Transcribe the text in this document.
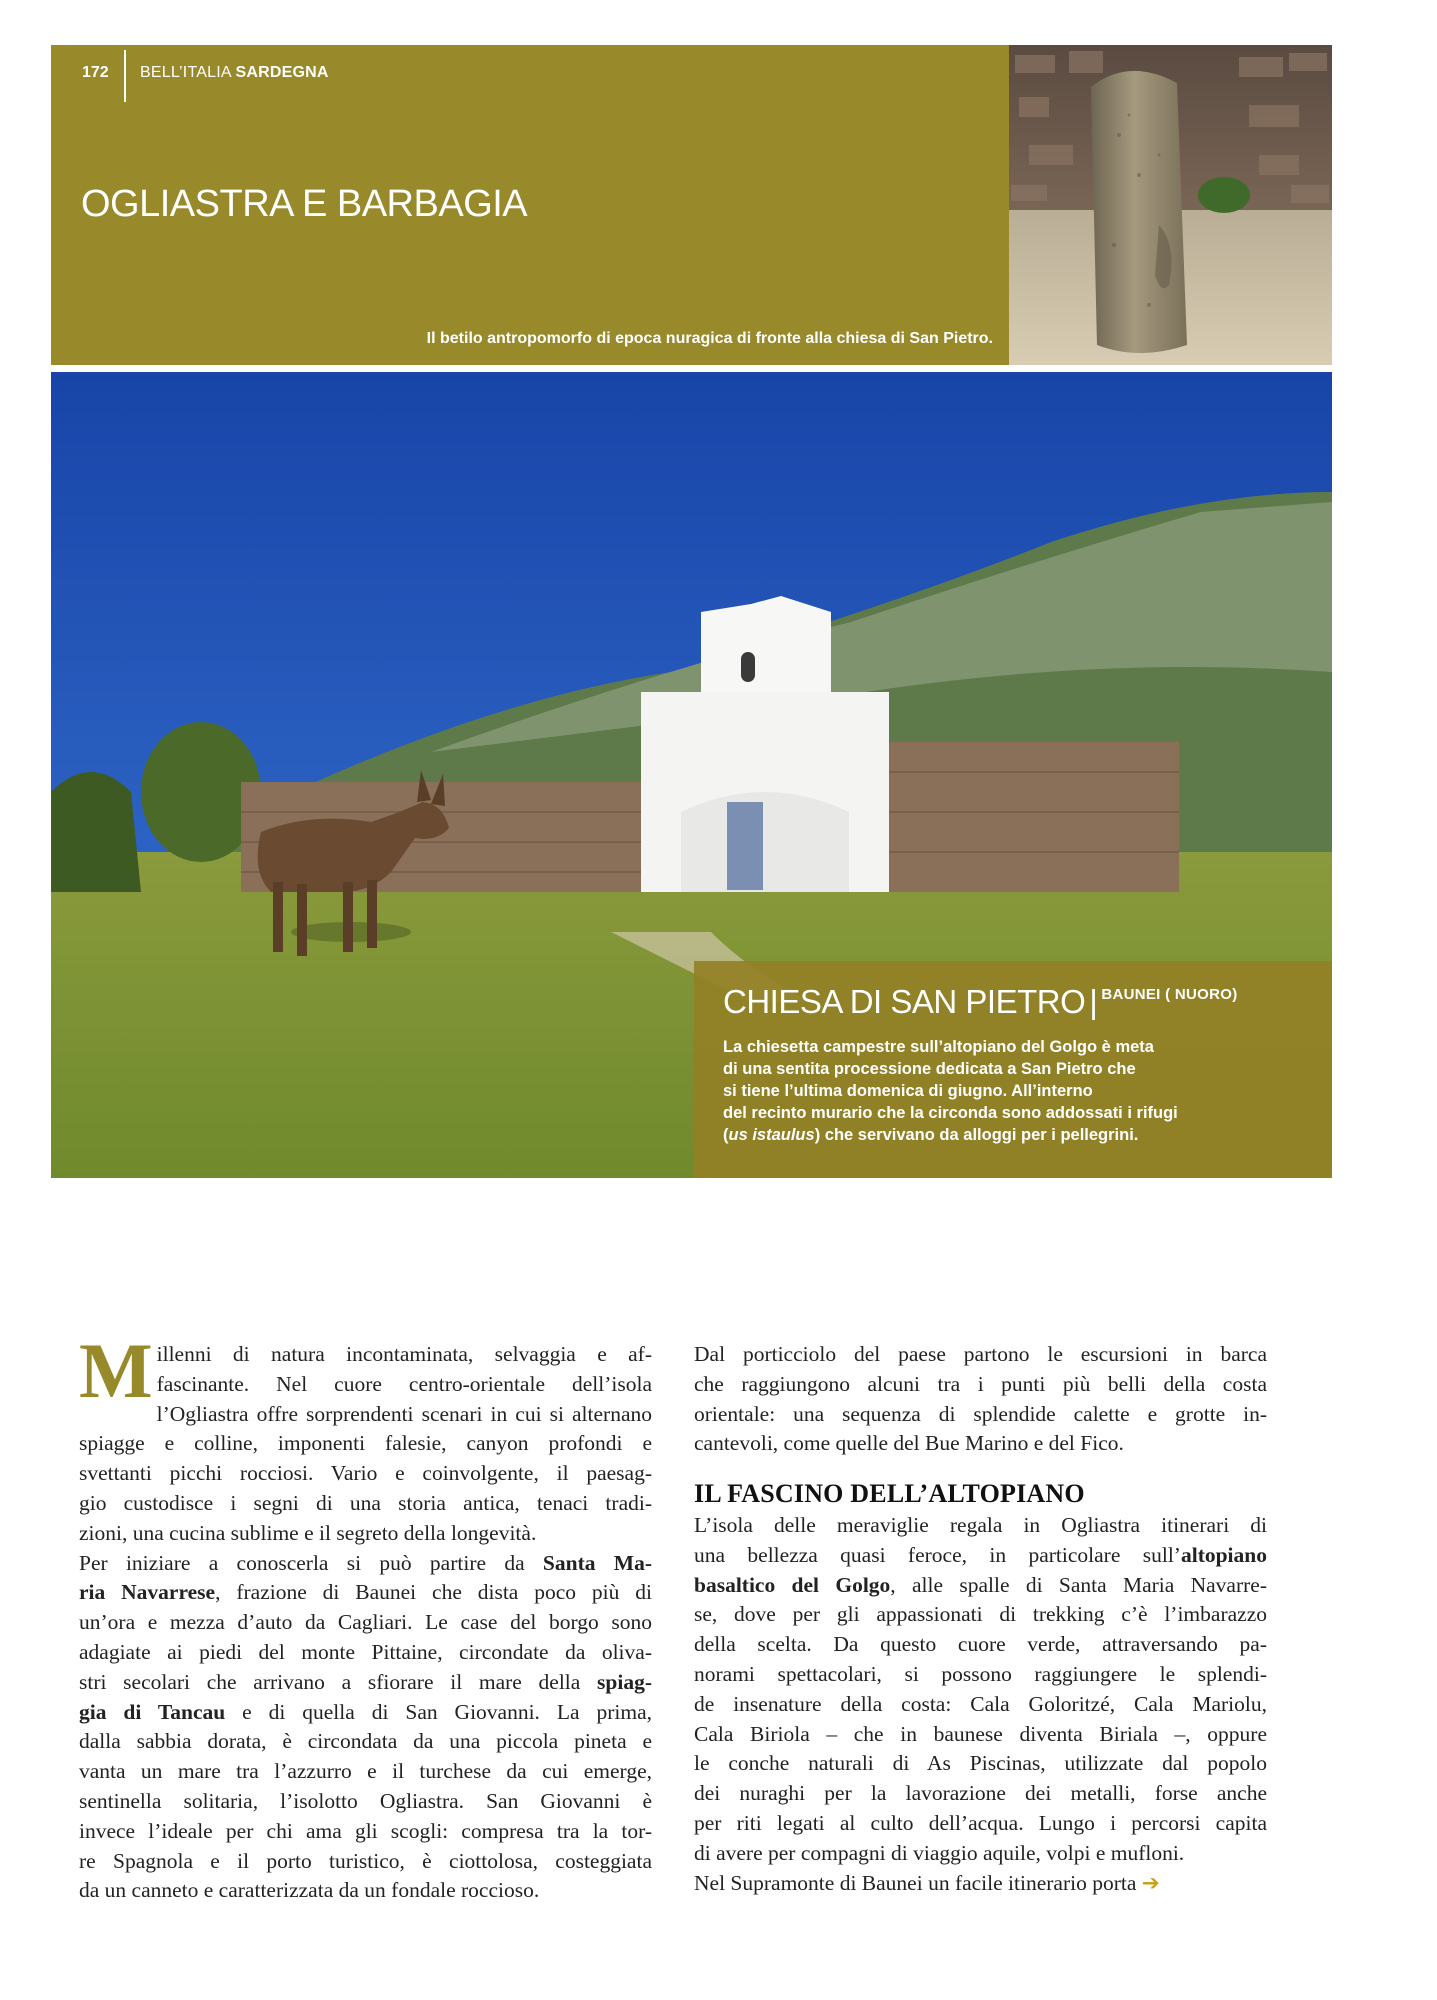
172 BELL’ITALIA SARDEGNA
OGLIASTRA E BARBAGIA
Il betilo antropomorfo di epoca nuragica di fronte alla chiesa di San Pietro.
CHIESA DI SAN PIETRO | $^{BAUNEI ( NUORO)}$

La chiesetta campestre sull’altopiano del Golgo è meta

di una sentita processione dedicata a San Pietro che

si tiene l’ultima domenica di giugno. All’interno

del recinto murario che la circonda sono addossati i rifugi

(us istaulus) che servivano da alloggi per i pellegrini.

M illenni di natura incontaminata, selvaggia e af-
fascinante. Nel cuore centro-orientale dell’isola
l’Ogliastra offre sorprendenti scenari in cui si alternano
spiagge e colline, imponenti falesie, canyon profondi e
svettanti picchi rocciosi. Vario e coinvolgente, il paesag-
gio custodisce i segni di una storia antica, tenaci tradi-
zioni, una cucina sublime e il segreto della longevità.

Per iniziare a conoscerla si può partire da Santa Ma-
ria Navarrese, frazione di Baunei che dista poco più di
un’ora e mezza d’auto da Cagliari. Le case del borgo sono
adagiate ai piedi del monte Pittaine, circondate da oliva-
stri secolari che arrivano a sfiorare il mare della spiag-
gia di Tancau e di quella di San Giovanni. La prima,
dalla sabbia dorata, è circondata da una piccola pineta e
vanta un mare tra l’azzurro e il turchese da cui emerge,
sentinella solitaria, l’isolotto Ogliastra. San Giovanni è
invece l’ideale per chi ama gli scogli: compresa tra la tor-
re Spagnola e il porto turistico, è ciottolosa, costeggiata
da un canneto e caratterizzata da un fondale roccioso.

Dal porticciolo del paese partono le escursioni in barca
che raggiungono alcuni tra i punti più belli della costa
orientale: una sequenza di splendide calette e grotte in-
cantevoli, come quelle del Bue Marino e del Fico.

IL FASCINO DELL’ALTOPIANO

L’isola delle meraviglie regala in Ogliastra itinerari di
una bellezza quasi feroce, in particolare sull’altopiano
basaltico del Golgo, alle spalle di Santa Maria Navarre-
se, dove per gli appassionati di trekking c’è l’imbarazzo
della scelta. Da questo cuore verde, attraversando pa-
norami spettacolari, si possono raggiungere le splendi-
de insenature della costa: Cala Goloritzé, Cala Mariolu,
Cala Biriola – che in baunese diventa Biriala –, oppure
le conche naturali di As Piscinas, utilizzate dal popolo
dei nuraghi per la lavorazione dei metalli, forse anche
per riti legati al culto dell’acqua. Lungo i percorsi capita
di avere per compagni di viaggio aquile, volpi e mufloni.
Nel Supramonte di Baunei un facile itinerario porta ➔
